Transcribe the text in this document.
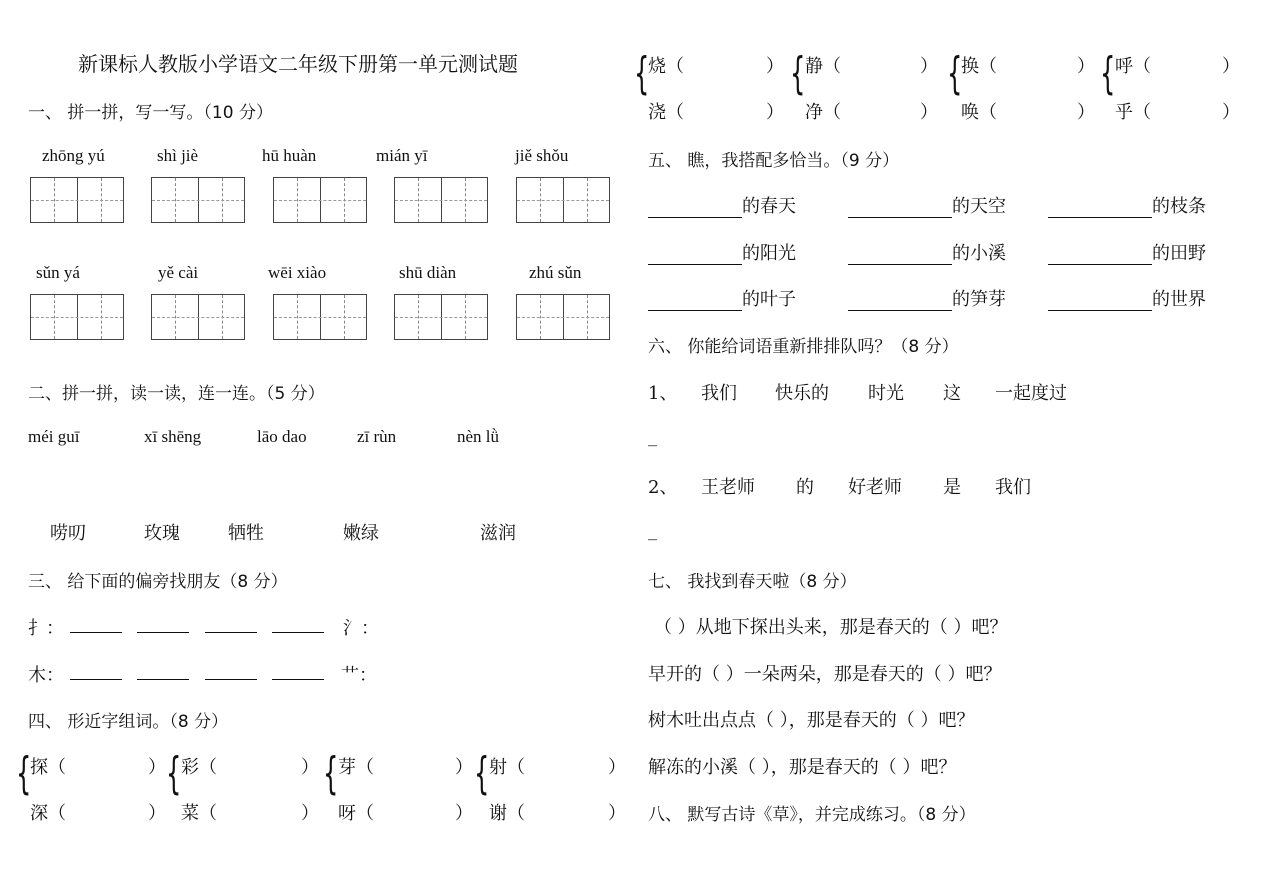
新课标人教版小学语文二年级下册第一单元测试题
一、 拼一拼，写一写。（10 分）
zhōng yú	shì jiè	hū huàn	mián yī	jiě shǒu
sǔn yá	yě cài	wēi xiào	shū diàn	zhú sǔn
二、拼一拼，读一读，连一连。（5 分）
méi guī	xī shēng	lāo dao	zī rùn	nèn lǜ
唠叨	玫瑰	牺牲	嫩绿	滋润
三、 给下面的偏旁找朋友（8 分）
扌：
	氵：
木：
	艹：
四、 形近字组词。（8 分）
{
探（	）
深（	）
{ 彩（	）
菜（	）
{ 芽（	）
呀（	）
{ 射（	）
谢（	）
{
烧（	）
浇（	）
{ 静（	）
净（	）
{
换（	）
唤（	）
{ 呼（	）
乎（	）
五、 瞧，我搭配多恰当。（9 分）
的春天	的天空	的枝条
的阳光	的小溪	的田野
的叶子	的笋芽	的世界
六、 你能给词语重新排排队吗？（8 分）
1、 我们 快乐的 时光 这 一起度过
_
2、 王老师 的 好老师 是 我们
_
七、 我找到春天啦（8 分）
（ ）从地下探出头来，那是春天的（ ）吧？
早开的（ ）一朵两朵，那是春天的（ ）吧？
树木吐出点点（ ），那是春天的（ ）吧？
解冻的小溪（ ），那是春天的（ ）吧？
八、 默写古诗《草》，并完成练习。（8 分）
